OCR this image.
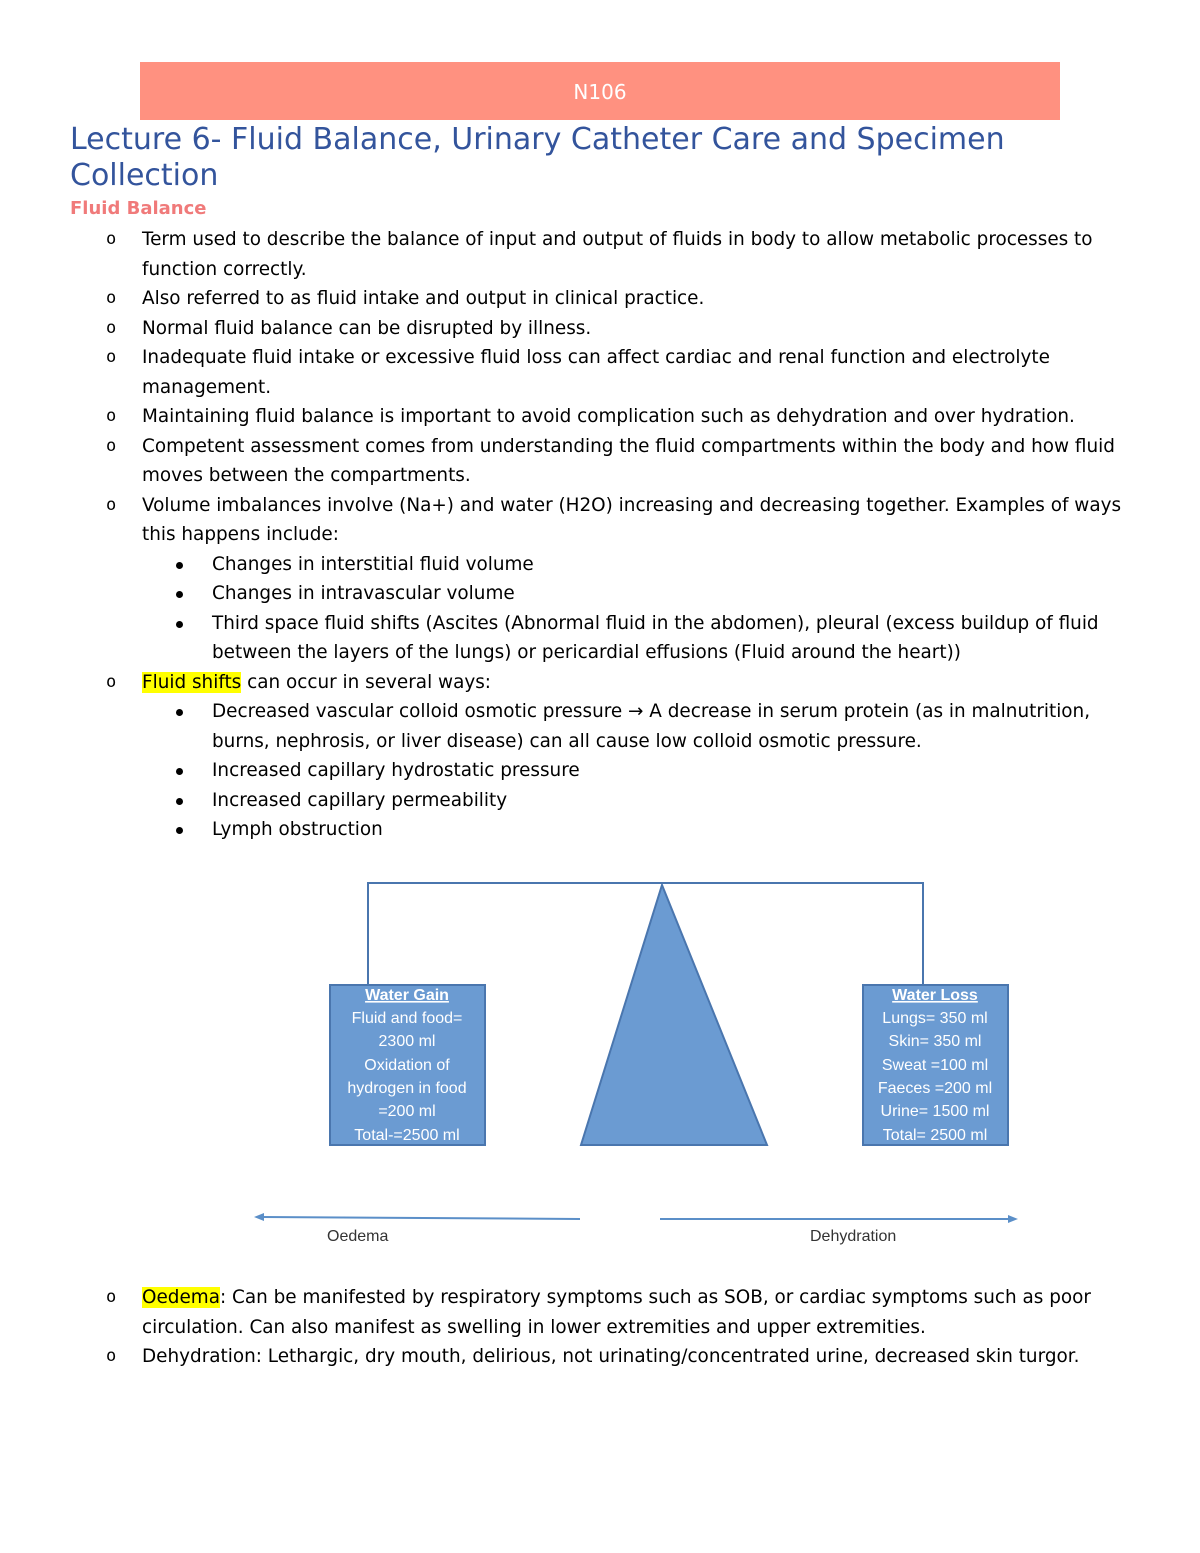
N106
Lecture 6- Fluid Balance, Urinary Catheter Care and Specimen Collection
Fluid Balance
o Term used to describe the balance of input and output of fluids in body to allow metabolic processes to function correctly.
o Also referred to as fluid intake and output in clinical practice.
o Normal fluid balance can be disrupted by illness.
o Inadequate fluid intake or excessive fluid loss can affect cardiac and renal function and electrolyte management.
o Maintaining fluid balance is important to avoid complication such as dehydration and over hydration.
o Competent assessment comes from understanding the fluid compartments within the body and how fluid moves between the compartments.
o Volume imbalances involve (Na+) and water (H2O) increasing and decreasing together. Examples of ways this happens include:
Changes in interstitial fluid volume
Changes in intravascular volume
Third space fluid shifts (Ascites (Abnormal fluid in the abdomen), pleural (excess buildup of fluid between the layers of the lungs) or pericardial effusions (Fluid around the heart))
o Fluid shifts can occur in several ways:
Decreased vascular colloid osmotic pressure → A decrease in serum protein (as in malnutrition, burns, nephrosis, or liver disease) can all cause low colloid osmotic pressure.
Increased capillary hydrostatic pressure
Increased capillary permeability
Lymph obstruction
Water Gain
Fluid and food=
2300 ml
Oxidation of
hydrogen in food
=200 ml
Total-=2500 ml
Water Loss
Lungs= 350 ml
Skin= 350 ml
Sweat =100 ml
Faeces =200 ml
Urine= 1500 ml
Total= 2500 ml
Oedema	Dehydration
o Oedema: Can be manifested by respiratory symptoms such as SOB, or cardiac symptoms such as poor circulation. Can also manifest as swelling in lower extremities and upper extremities.
o Dehydration: Lethargic, dry mouth, delirious, not urinating/concentrated urine, decreased skin turgor.
